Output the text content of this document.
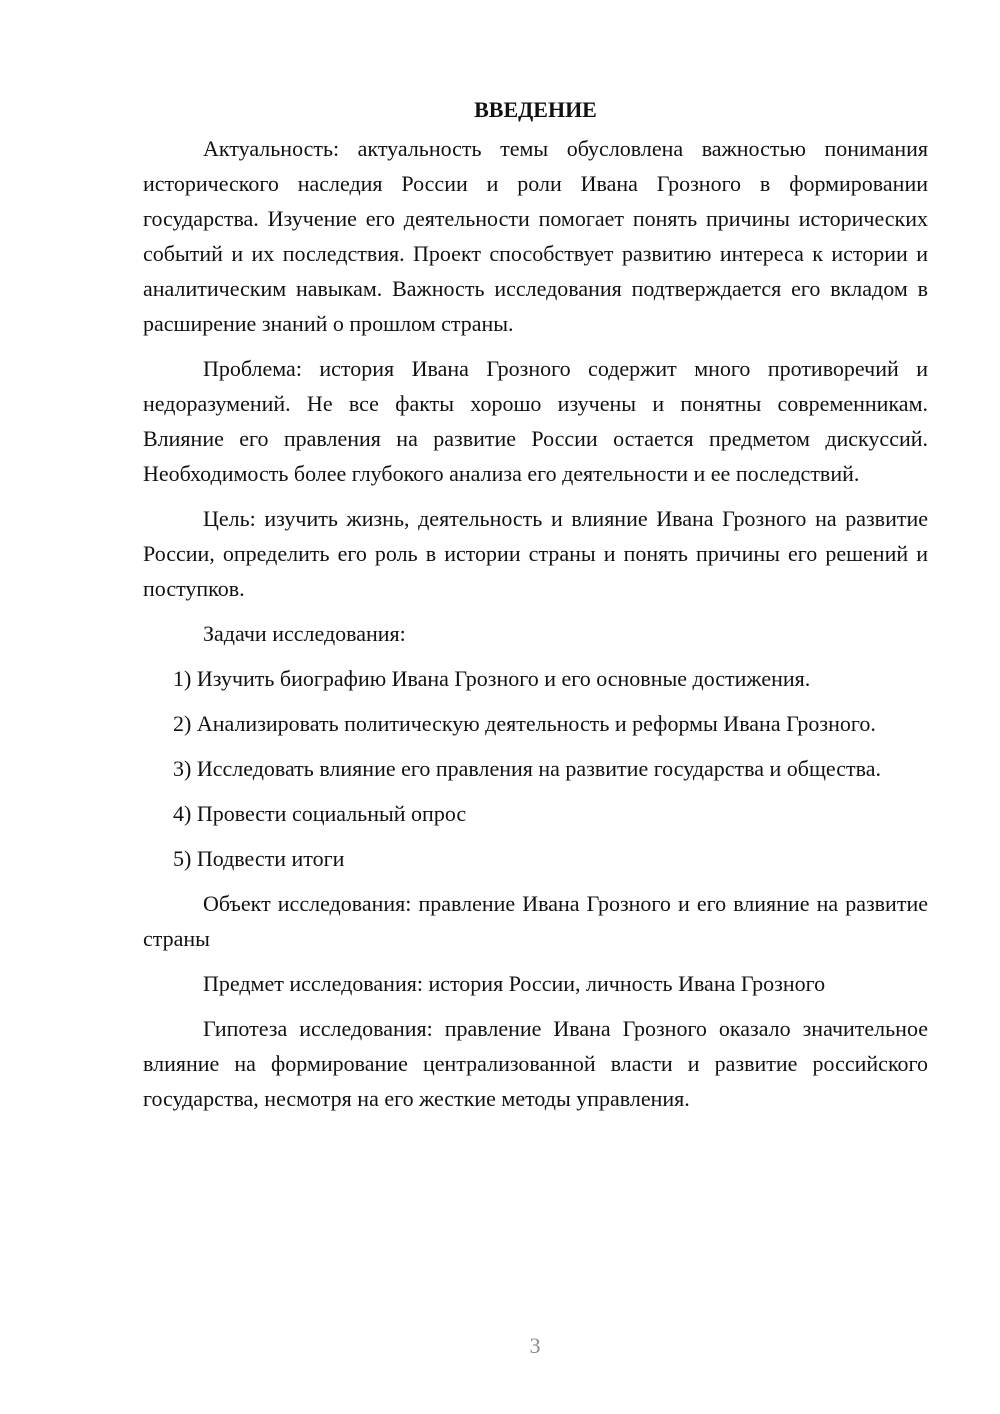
ВВЕДЕНИЕ

Актуальность: актуальность темы обусловлена важностью понимания исторического наследия России и роли Ивана Грозного в формировании государства. Изучение его деятельности помогает понять причины исторических событий и их последствия. Проект способствует развитию интереса к истории и аналитическим навыкам. Важность исследования подтверждается его вкладом в расширение знаний о прошлом страны.

Проблема: история Ивана Грозного содержит много противоречий и недоразумений. Не все факты хорошо изучены и понятны современникам. Влияние его правления на развитие России остается предметом дискуссий. Необходимость более глубокого анализа его деятельности и ее последствий.

Цель: изучить жизнь, деятельность и влияние Ивана Грозного на развитие России, определить его роль в истории страны и понять причины его решений и поступков.

Задачи исследования:

1) Изучить биографию Ивана Грозного и его основные достижения.

2) Анализировать политическую деятельность и реформы Ивана Грозного.

3) Исследовать влияние его правления на развитие государства и общества.

4) Провести социальный опрос

5) Подвести итоги

Объект исследования: правление Ивана Грозного и его влияние на развитие страны

Предмет исследования: история России, личность Ивана Грозного

Гипотеза исследования: правление Ивана Грозного оказало значительное влияние на формирование централизованной власти и развитие российского государства, несмотря на его жесткие методы управления.

3
